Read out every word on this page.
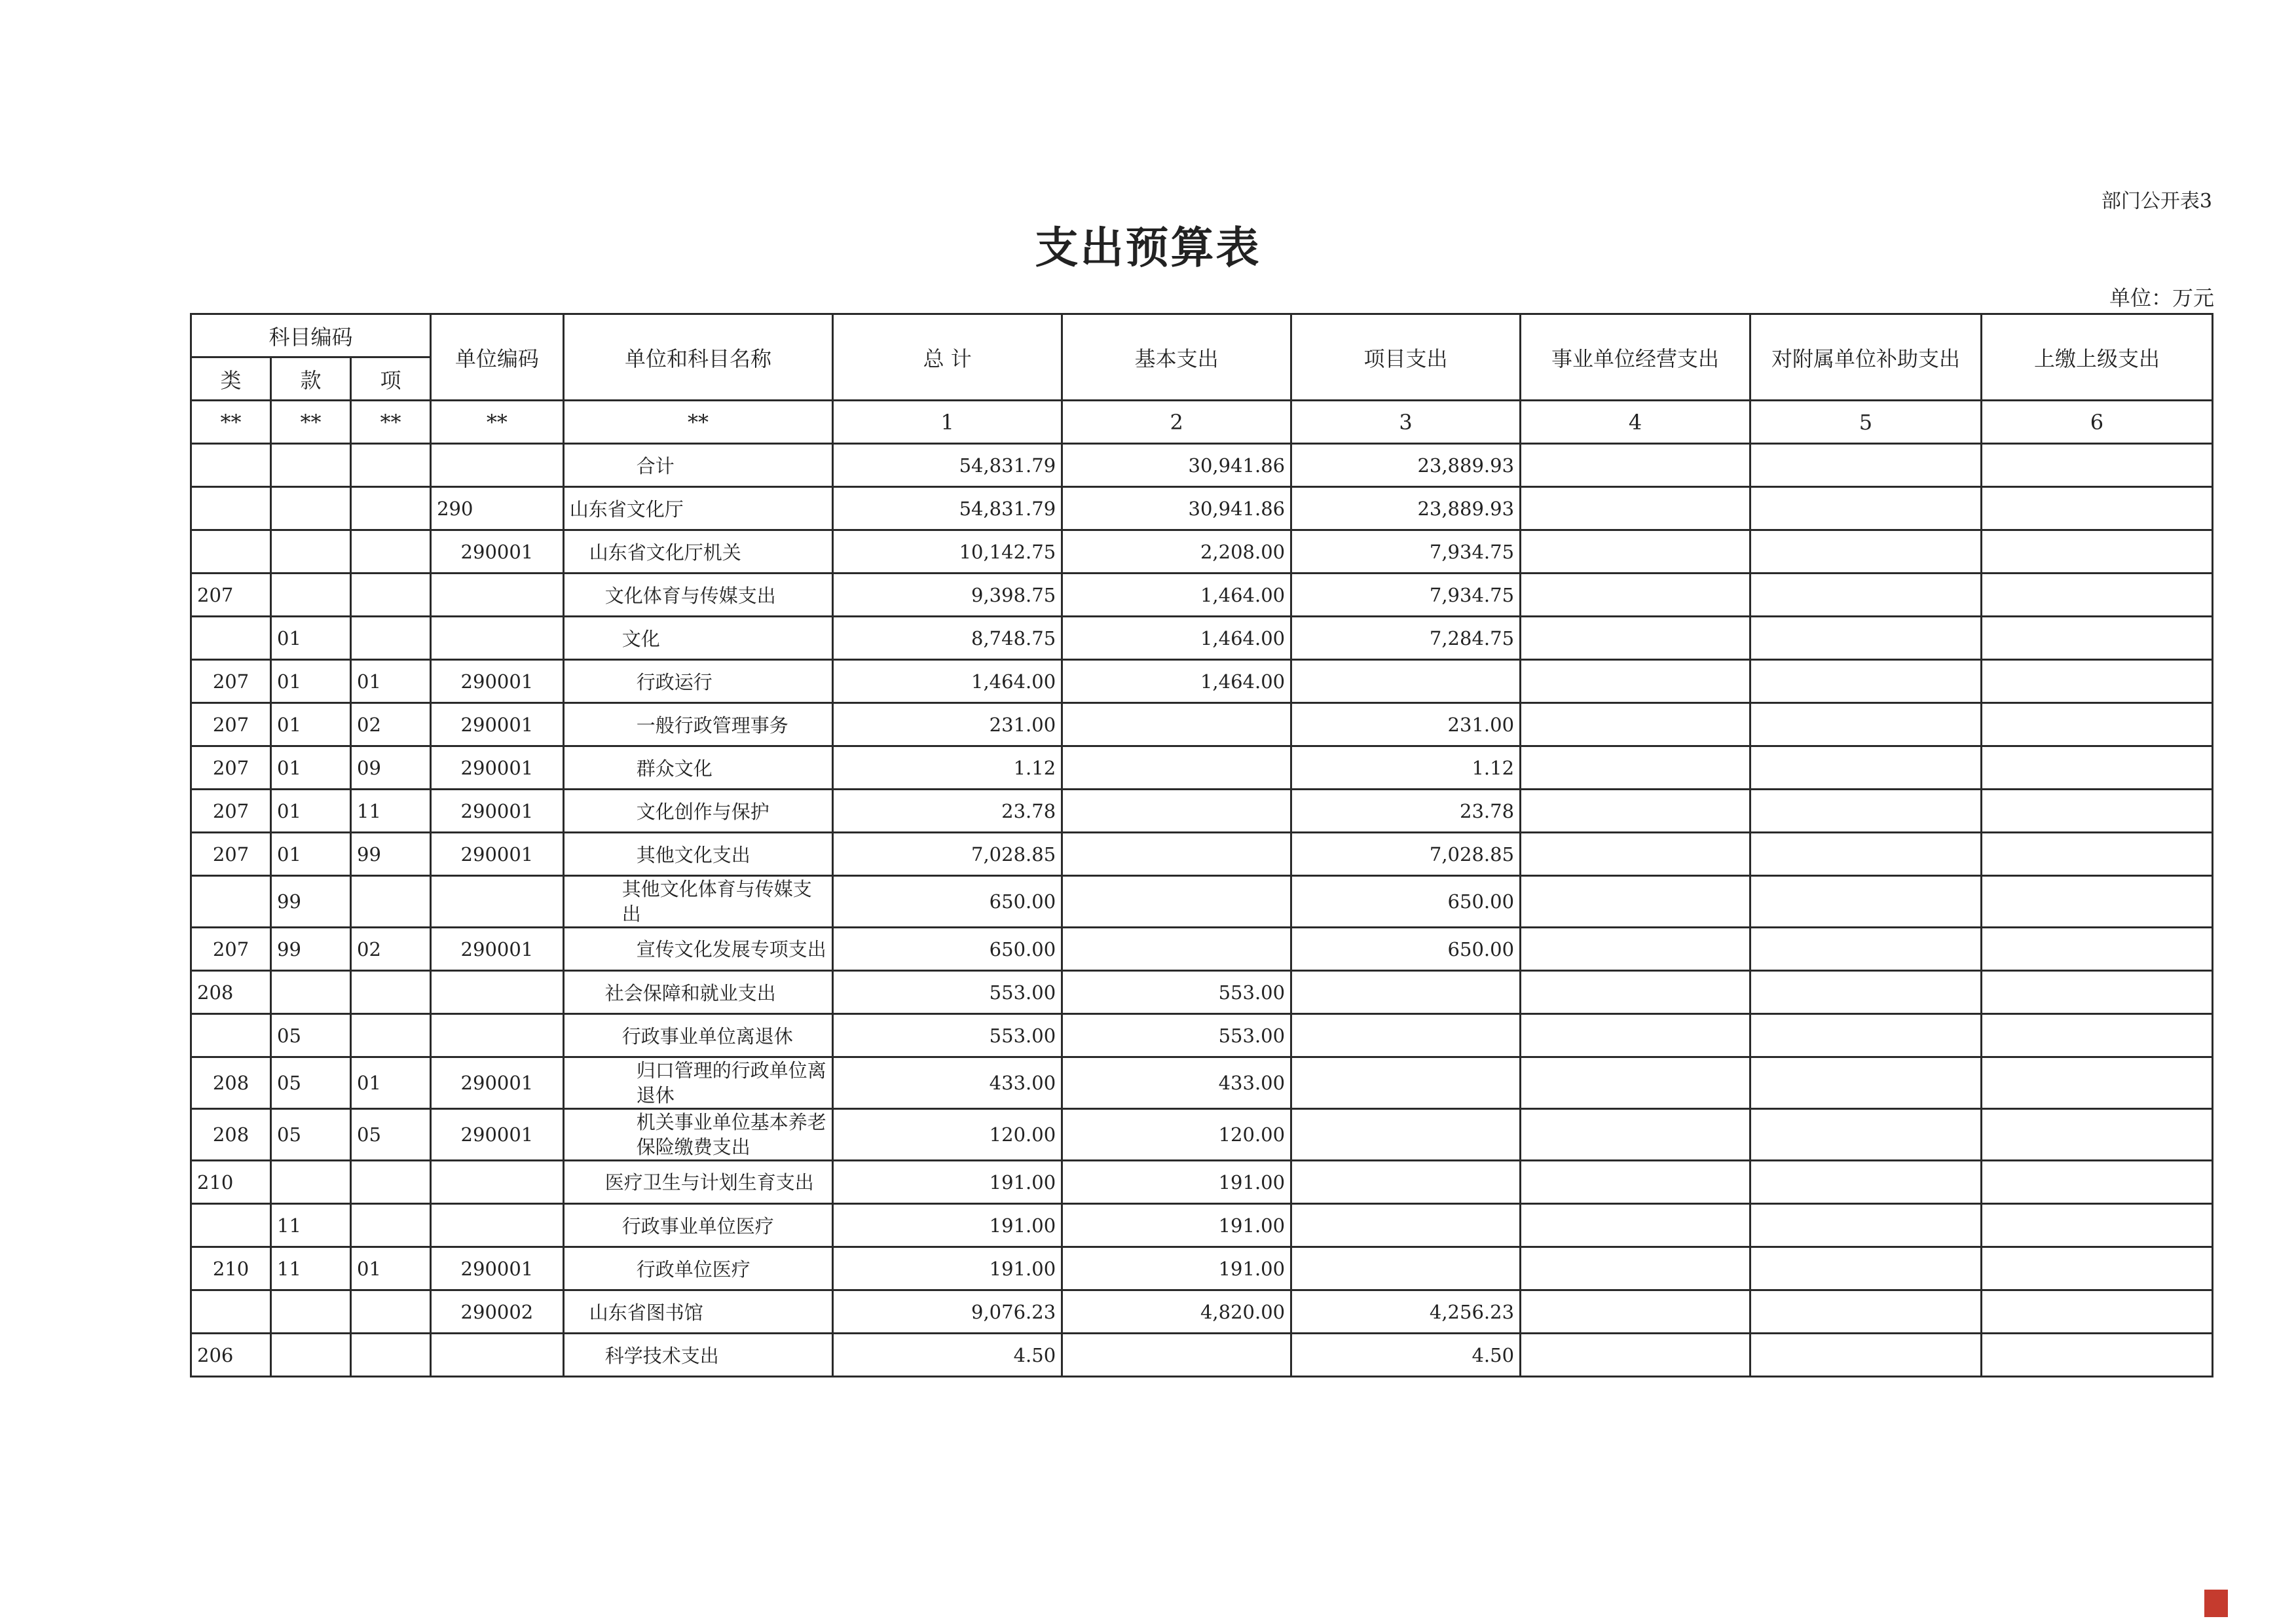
部门公开表3
支出预算表
单位：万元
科目编码			单位编码	单位和科目名称	总 计	基本支出	项目支出	事业单位经营支出	对附属单位补助支出	上缴上级支出
类	款	项								
**	**	**	**	**	1	2	3	4	5	6
				合计	54,831.79	30,941.86	23,889.93			
			290	山东省文化厅	54,831.79	30,941.86	23,889.93			
			290001	山东省文化厅机关	10,142.75	2,208.00	7,934.75			
207				文化体育与传媒支出	9,398.75	1,464.00	7,934.75			
	01			文化	8,748.75	1,464.00	7,284.75			
207	01	01	290001	行政运行	1,464.00	1,464.00				
207	01	02	290001	一般行政管理事务	231.00		231.00			
207	01	09	290001	群众文化	1.12		1.12			
207	01	11	290001	文化创作与保护	23.78		23.78			
207	01	99	290001	其他文化支出	7,028.85		7,028.85			
	99			其他文化体育与传媒支出	650.00		650.00			
207	99	02	290001	宣传文化发展专项支出	650.00		650.00			
208				社会保障和就业支出	553.00	553.00				
	05			行政事业单位离退休	553.00	553.00				
208	05	01	290001	归口管理的行政单位离退休	433.00	433.00				
208	05	05	290001	机关事业单位基本养老保险缴费支出	120.00	120.00				
210				医疗卫生与计划生育支出	191.00	191.00				
	11			行政事业单位医疗	191.00	191.00				
210	11	01	290001	行政单位医疗	191.00	191.00				
			290002	山东省图书馆	9,076.23	4,820.00	4,256.23			
206				科学技术支出	4.50		4.50			
